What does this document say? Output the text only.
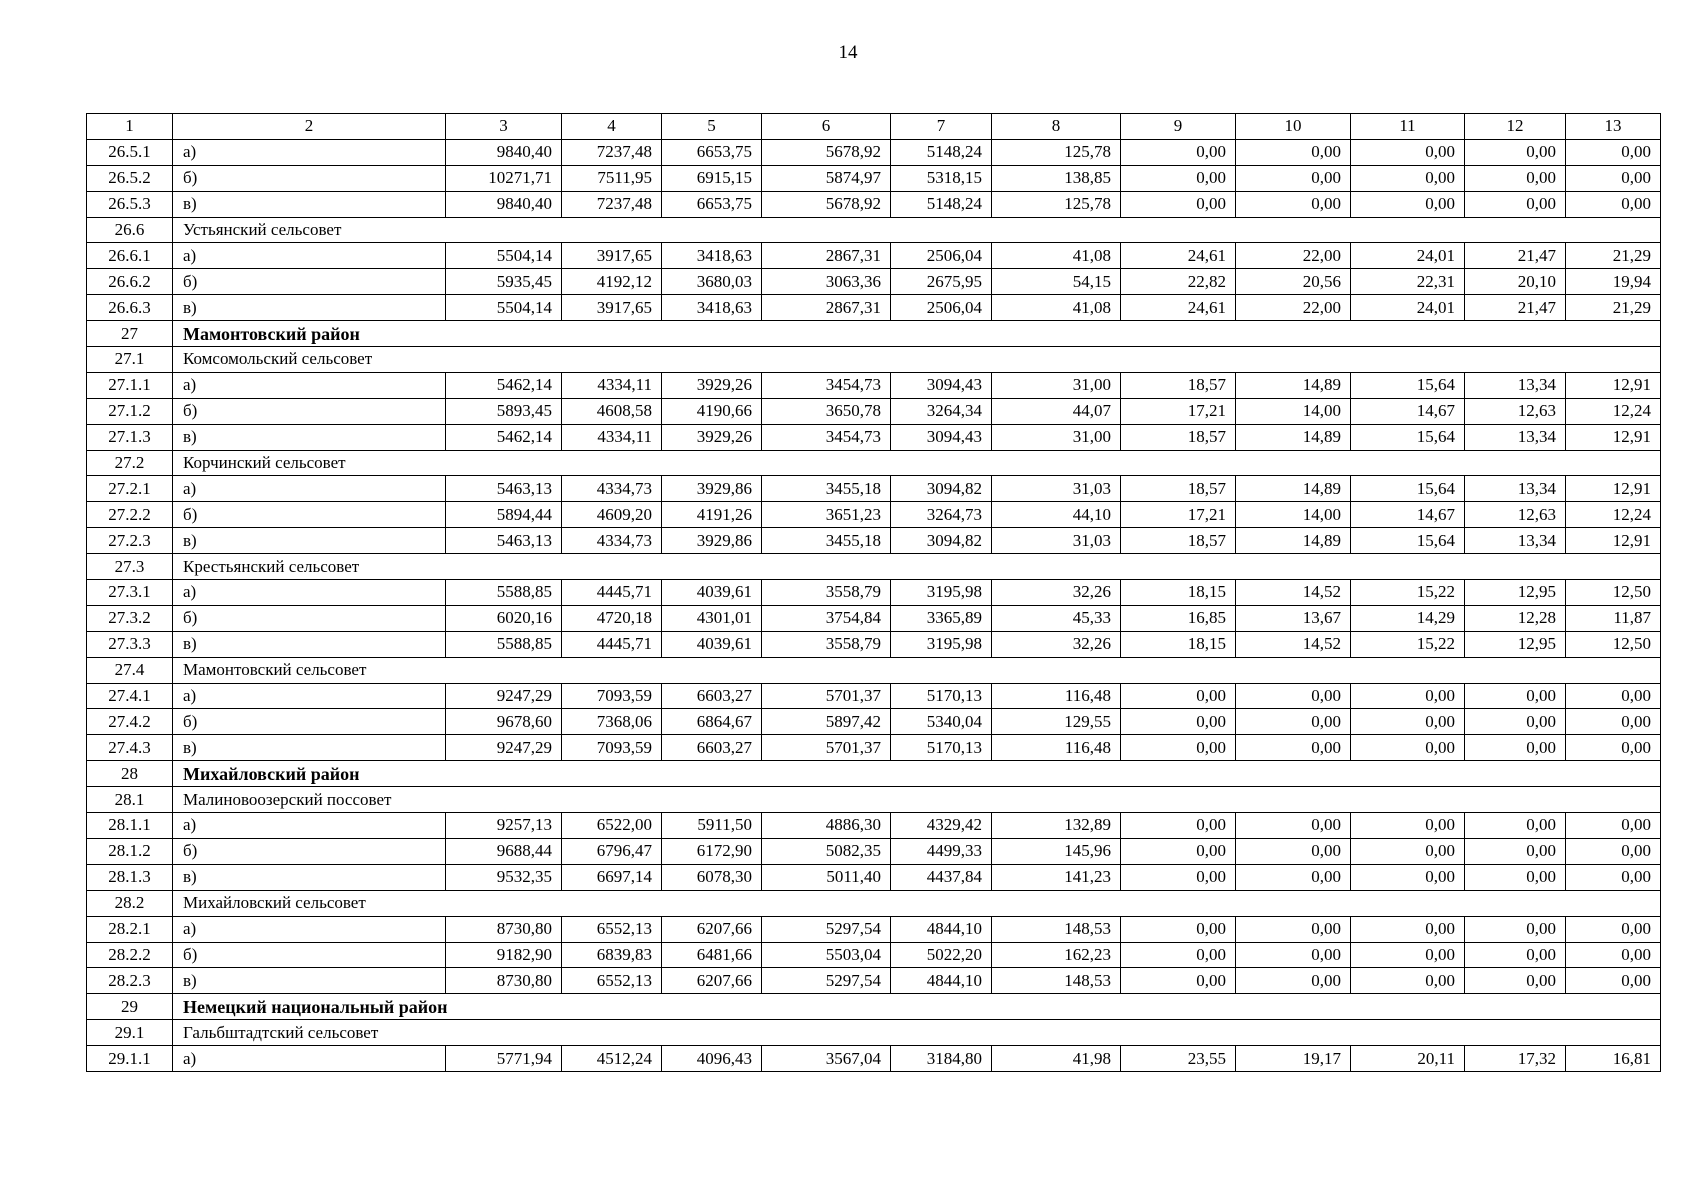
14
1	2	3	4	5	6	7	8	9	10	11	12	13
26.5.1	а)	9840,40	7237,48	6653,75	5678,92	5148,24	125,78	0,00	0,00	0,00	0,00	0,00
26.5.2	б)	10271,71	7511,95	6915,15	5874,97	5318,15	138,85	0,00	0,00	0,00	0,00	0,00
26.5.3	в)	9840,40	7237,48	6653,75	5678,92	5148,24	125,78	0,00	0,00	0,00	0,00	0,00
26.6	Устьянский сельсовет											
26.6.1	а)	5504,14	3917,65	3418,63	2867,31	2506,04	41,08	24,61	22,00	24,01	21,47	21,29
26.6.2	б)	5935,45	4192,12	3680,03	3063,36	2675,95	54,15	22,82	20,56	22,31	20,10	19,94
26.6.3	в)	5504,14	3917,65	3418,63	2867,31	2506,04	41,08	24,61	22,00	24,01	21,47	21,29
27	Мамонтовский район											
27.1	Комсомольский сельсовет											
27.1.1	а)	5462,14	4334,11	3929,26	3454,73	3094,43	31,00	18,57	14,89	15,64	13,34	12,91
27.1.2	б)	5893,45	4608,58	4190,66	3650,78	3264,34	44,07	17,21	14,00	14,67	12,63	12,24
27.1.3	в)	5462,14	4334,11	3929,26	3454,73	3094,43	31,00	18,57	14,89	15,64	13,34	12,91
27.2	Корчинский сельсовет											
27.2.1	а)	5463,13	4334,73	3929,86	3455,18	3094,82	31,03	18,57	14,89	15,64	13,34	12,91
27.2.2	б)	5894,44	4609,20	4191,26	3651,23	3264,73	44,10	17,21	14,00	14,67	12,63	12,24
27.2.3	в)	5463,13	4334,73	3929,86	3455,18	3094,82	31,03	18,57	14,89	15,64	13,34	12,91
27.3	Крестьянский сельсовет											
27.3.1	а)	5588,85	4445,71	4039,61	3558,79	3195,98	32,26	18,15	14,52	15,22	12,95	12,50
27.3.2	б)	6020,16	4720,18	4301,01	3754,84	3365,89	45,33	16,85	13,67	14,29	12,28	11,87
27.3.3	в)	5588,85	4445,71	4039,61	3558,79	3195,98	32,26	18,15	14,52	15,22	12,95	12,50
27.4	Мамонтовский сельсовет											
27.4.1	а)	9247,29	7093,59	6603,27	5701,37	5170,13	116,48	0,00	0,00	0,00	0,00	0,00
27.4.2	б)	9678,60	7368,06	6864,67	5897,42	5340,04	129,55	0,00	0,00	0,00	0,00	0,00
27.4.3	в)	9247,29	7093,59	6603,27	5701,37	5170,13	116,48	0,00	0,00	0,00	0,00	0,00
28	Михайловский район											
28.1	Малиновоозерский поссовет											
28.1.1	а)	9257,13	6522,00	5911,50	4886,30	4329,42	132,89	0,00	0,00	0,00	0,00	0,00
28.1.2	б)	9688,44	6796,47	6172,90	5082,35	4499,33	145,96	0,00	0,00	0,00	0,00	0,00
28.1.3	в)	9532,35	6697,14	6078,30	5011,40	4437,84	141,23	0,00	0,00	0,00	0,00	0,00
28.2	Михайловский сельсовет											
28.2.1	а)	8730,80	6552,13	6207,66	5297,54	4844,10	148,53	0,00	0,00	0,00	0,00	0,00
28.2.2	б)	9182,90	6839,83	6481,66	5503,04	5022,20	162,23	0,00	0,00	0,00	0,00	0,00
28.2.3	в)	8730,80	6552,13	6207,66	5297,54	4844,10	148,53	0,00	0,00	0,00	0,00	0,00
29	Немецкий национальный район											
29.1	Гальбштадтский сельсовет											
29.1.1	а)	5771,94	4512,24	4096,43	3567,04	3184,80	41,98	23,55	19,17	20,11	17,32	16,81
